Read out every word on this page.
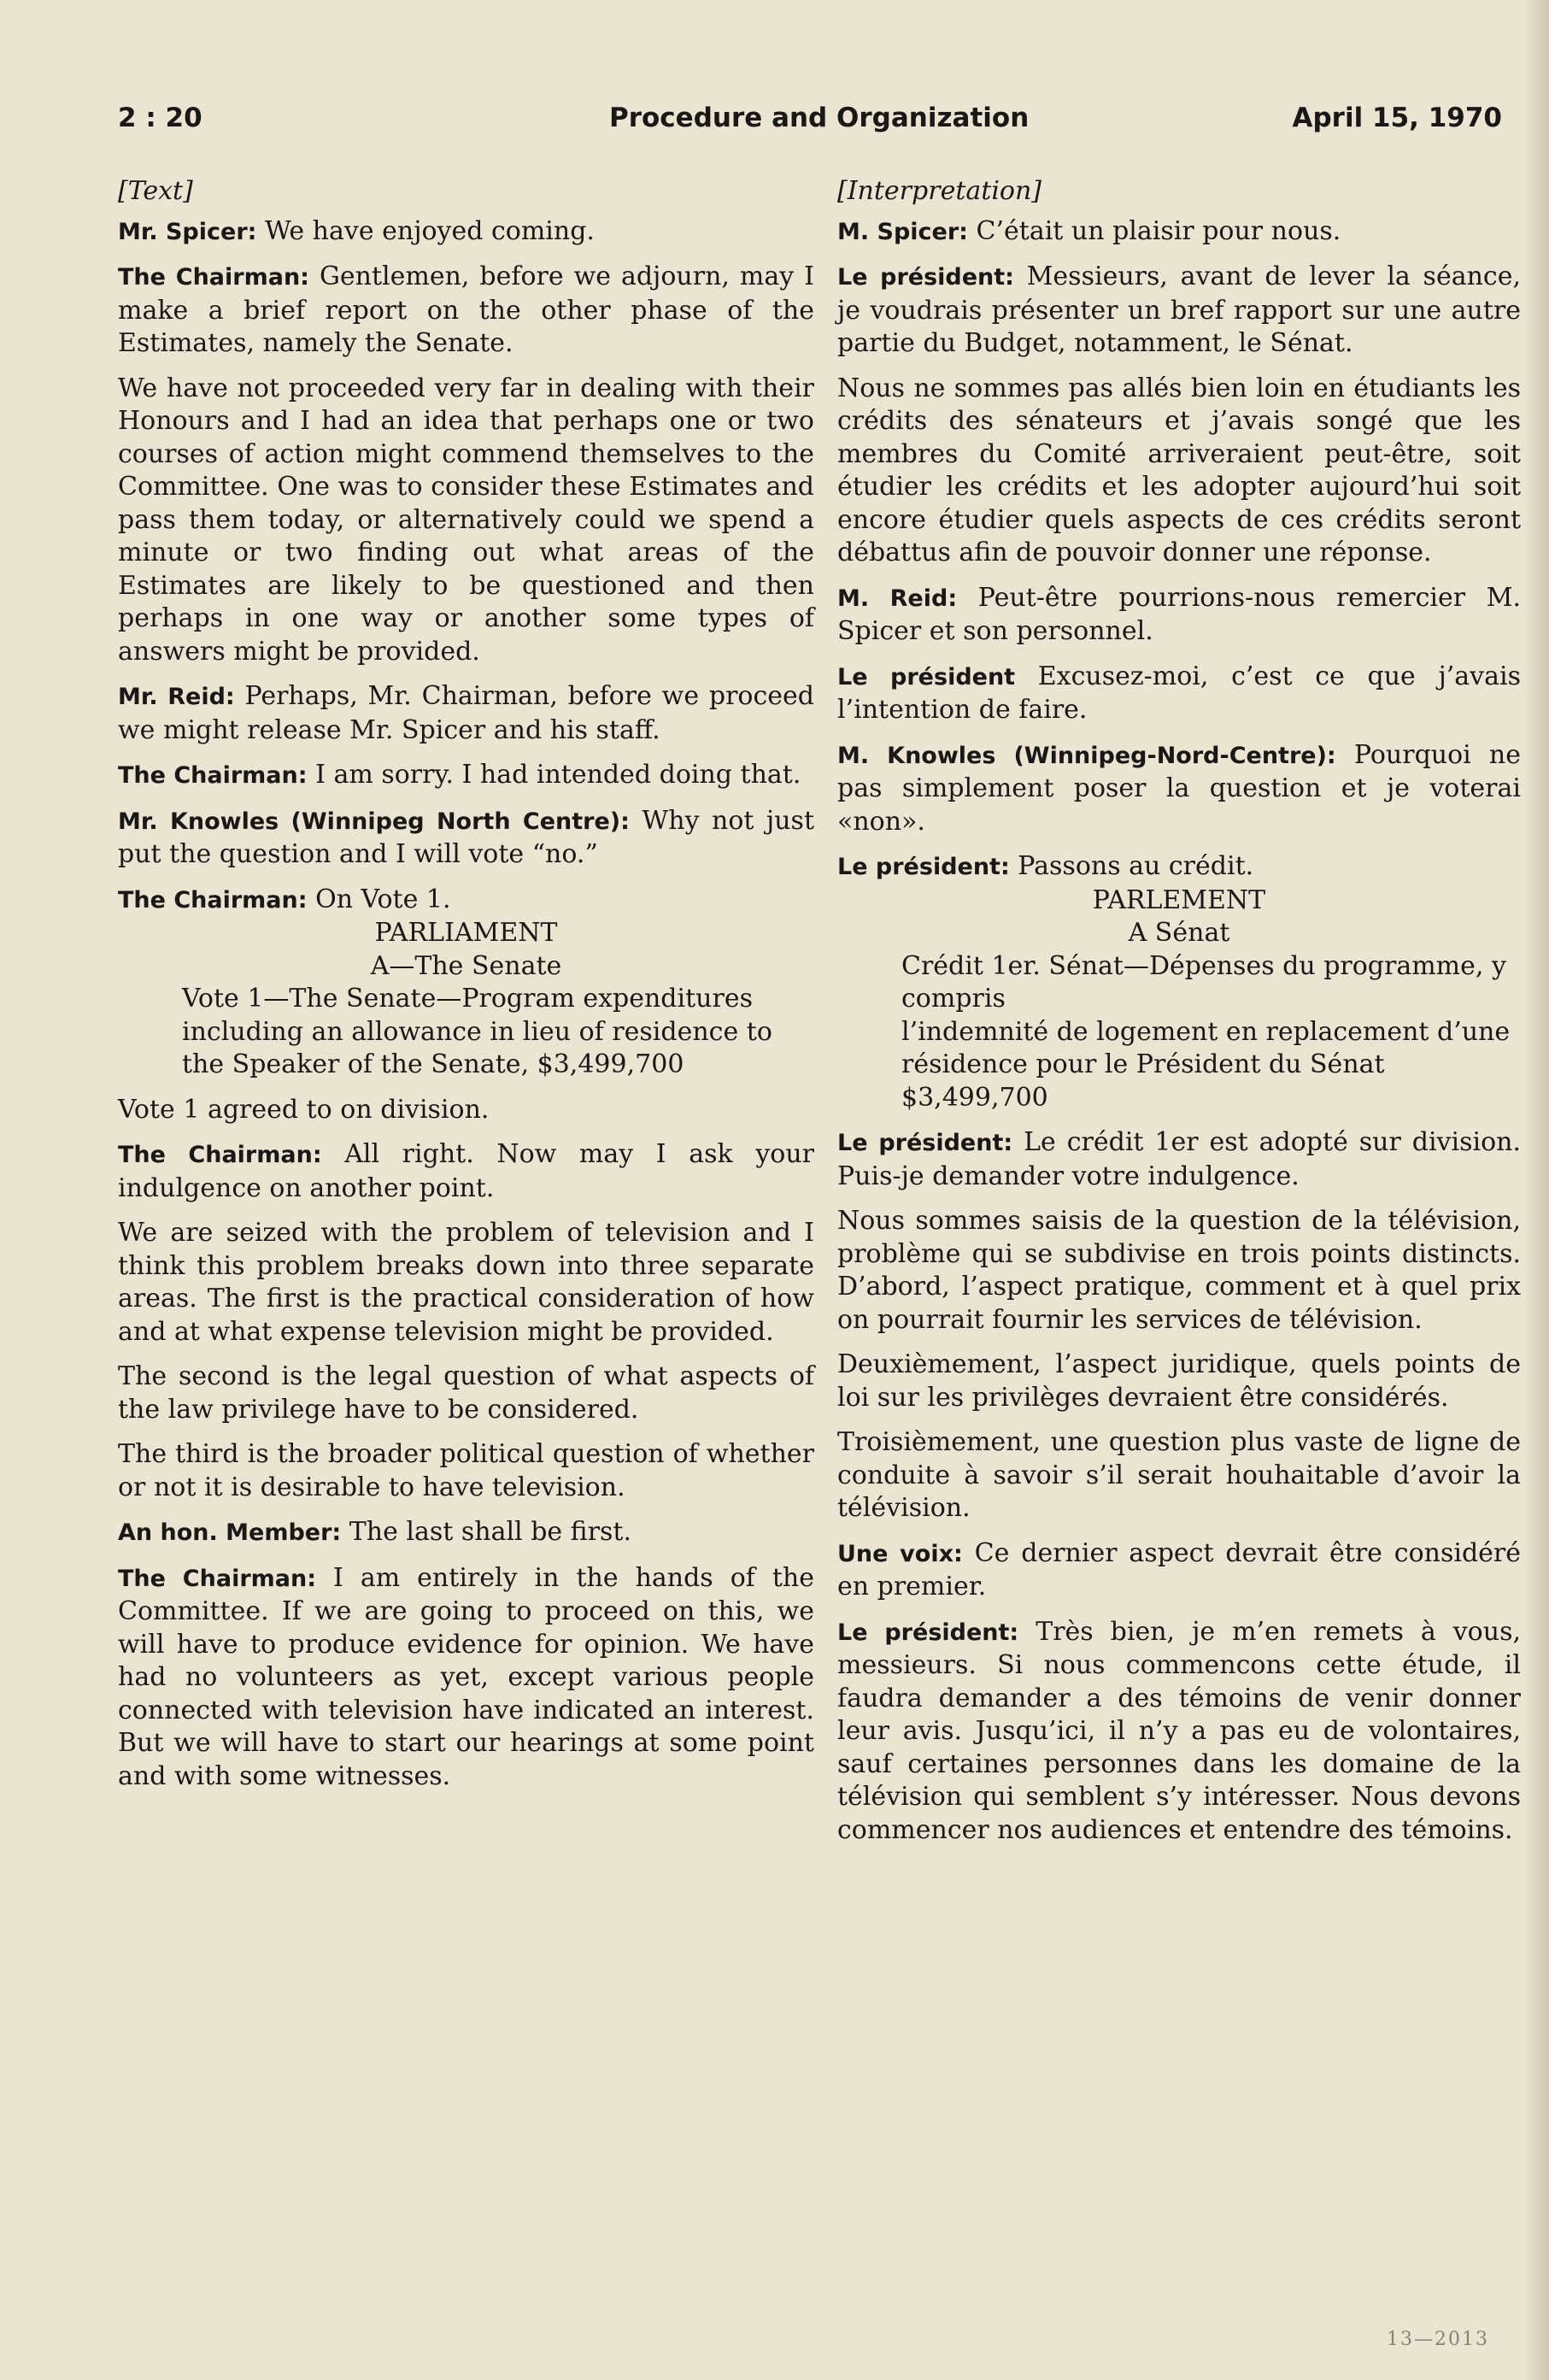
2 : 20	Procedure and Organization	April 15, 1970

[Text]

Mr. Spicer: We have enjoyed coming.

The Chairman: Gentlemen, before we adjourn, may I make a brief report on the other phase of the Estimates, namely the Senate.

We have not proceeded very far in dealing with their Honours and I had an idea that perhaps one or two courses of action might commend themselves to the Committee. One was to consider these Estimates and pass them today, or alternatively could we spend a minute or two finding out what areas of the Estimates are likely to be questioned and then perhaps in one way or another some types of answers might be provided.

Mr. Reid: Perhaps, Mr. Chairman, before we proceed we might release Mr. Spicer and his staff.

The Chairman: I am sorry. I had intended doing that.

Mr. Knowles (Winnipeg North Centre): Why not just put the question and I will vote “no.”

The Chairman: On Vote 1.

PARLIAMENT

A—The Senate

Vote 1—The Senate—Program expenditures including an allowance in lieu of residence to the Speaker of the Senate, $3,499,700

Vote 1 agreed to on division.

The Chairman: All right. Now may I ask your indulgence on another point.

We are seized with the problem of television and I think this problem breaks down into three separate areas. The first is the practical consideration of how and at what expense television might be provided.

The second is the legal question of what aspects of the law privilege have to be considered.

The third is the broader political question of whether or not it is desirable to have television.

An hon. Member: The last shall be first.

The Chairman: I am entirely in the hands of the Committee. If we are going to proceed on this, we will have to produce evidence for opinion. We have had no volunteers as yet, except various people connected with television have indicated an interest. But we will have to start our hearings at some point and with some witnesses.

[Interpretation]

M. Spicer: C’était un plaisir pour nous.

Le président: Messieurs, avant de lever la séance, je voudrais présenter un bref rapport sur une autre partie du Budget, notamment, le Sénat.

Nous ne sommes pas allés bien loin en étudiants les crédits des sénateurs et j’avais songé que les membres du Comité arriveraient peut-être, soit étudier les crédits et les adopter aujourd’hui soit encore étudier quels aspects de ces crédits seront débattus afin de pouvoir donner une réponse.

M. Reid: Peut-être pourrions-nous remercier M. Spicer et son personnel.

Le président Excusez-moi, c’est ce que j’avais l’intention de faire.

M. Knowles (Winnipeg-Nord-Centre): Pourquoi ne pas simplement poser la question et je voterai «non».

Le président: Passons au crédit.

PARLEMENT

A Sénat

Crédit 1er. Sénat—Dépenses du programme, y compris

l’indemnité de logement en replacement d’une résidence pour le Président du Sénat $3,499,700

Le président: Le crédit 1er est adopté sur division. Puis-je demander votre indulgence.

Nous sommes saisis de la question de la télévision, problème qui se subdivise en trois points distincts. D’abord, l’aspect pratique, comment et à quel prix on pourrait fournir les services de télévision.

Deuxièmement, l’aspect juridique, quels points de loi sur les privilèges devraient être considérés.

Troisièmement, une question plus vaste de ligne de conduite à savoir s’il serait houhaitable d’avoir la télévision.

Une voix: Ce dernier aspect devrait être considéré en premier.

Le président: Très bien, je m’en remets à vous, messieurs. Si nous commencons cette étude, il faudra demander a des témoins de venir donner leur avis. Jusqu’ici, il n’y a pas eu de volontaires, sauf certaines personnes dans les domaine de la télévision qui semblent s’y intéresser. Nous devons commencer nos audiences et entendre des témoins.

13—2013
